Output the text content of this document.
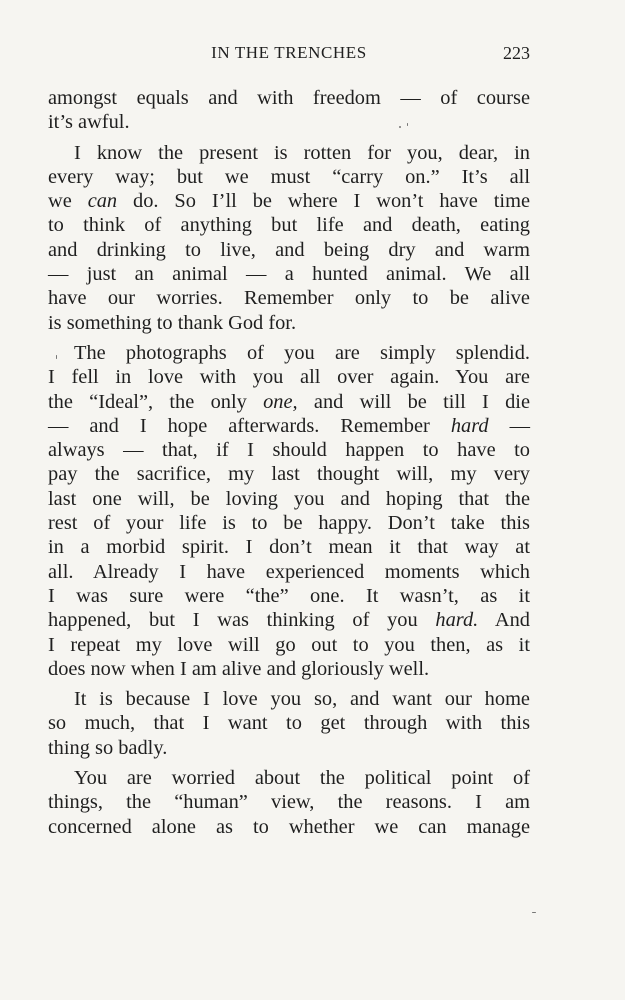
IN THE TRENCHES	223
amongst equals and with freedom — of course
it’s awful.
I know the present is rotten for you, dear, in
every way; but we must “carry on.” It’s all
we can do. So I’ll be where I won’t have time
to think of anything but life and death, eating
and drinking to live, and being dry and warm
— just an animal — a hunted animal. We all
have our worries. Remember only to be alive
is something to thank God for.
The photographs of you are simply splendid.
I fell in love with you all over again. You are
the “Ideal”, the only one, and will be till I die
— and I hope afterwards. Remember hard —
always — that, if I should happen to have to
pay the sacrifice, my last thought will, my very
last one will, be loving you and hoping that the
rest of your life is to be happy. Don’t take this
in a morbid spirit. I don’t mean it that way at
all. Already I have experienced moments which
I was sure were “the” one. It wasn’t, as it
happened, but I was thinking of you hard. And
I repeat my love will go out to you then, as it
does now when I am alive and gloriously well.
It is because I love you so, and want our home
so much, that I want to get through with this
thing so badly.
You are worried about the political point of
things, the “human” view, the reasons. I am
concerned alone as to whether we can manage
